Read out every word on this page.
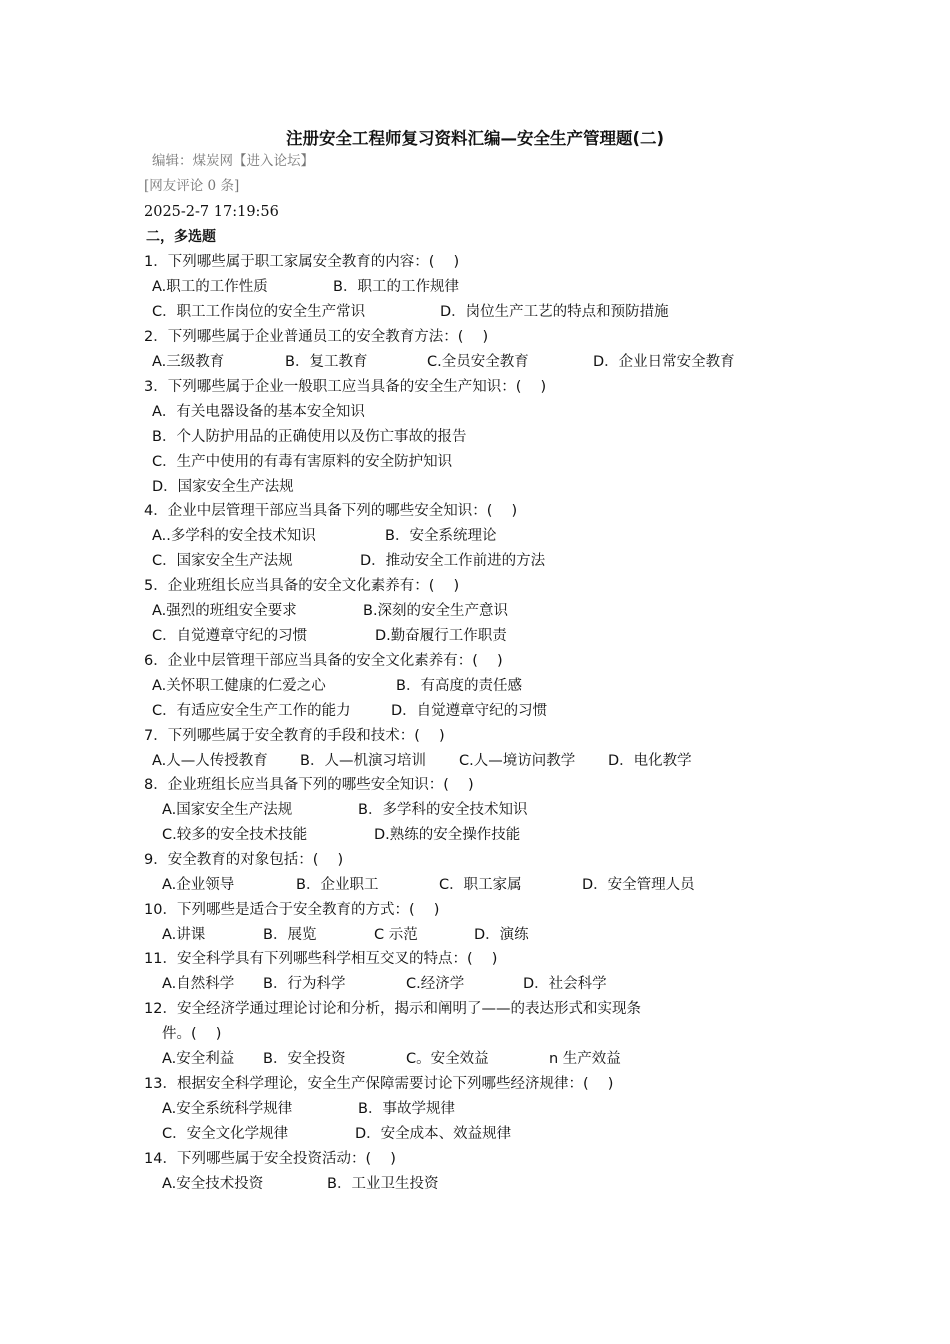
注册安全工程师复习资料汇编—安全生产管理题(二)
编辑：煤炭网【进入论坛】
[网友评论 0 条]
2025-2-7 17:19:56
二，多选题
1．下列哪些属于职工家属安全教育的内容：(　 )
A.职工的工作性质	B．职工的工作规律
C．职工工作岗位的安全生产常识	D．岗位生产工艺的特点和预防措施
2．下列哪些属于企业普通员工的安全教育方法：(　 )
A.三级教育	B．复工教育	C.全员安全教育	D．企业日常安全教育
3．下列哪些属于企业一般职工应当具备的安全生产知识：(　 )
A．有关电器设备的基本安全知识
B．个人防护用品的正确使用以及伤亡事故的报告
C．生产中使用的有毒有害原料的安全防护知识
D．国家安全生产法规
4．企业中层管理干部应当具备下列的哪些安全知识：(　 )
A..多学科的安全技术知识	B．安全系统理论
C．国家安全生产法规	D．推动安全工作前进的方法
5．企业班组长应当具备的安全文化素养有：(　 )
A.强烈的班组安全要求	B.深刻的安全生产意识
C．自觉遵章守纪的习惯	D.勤奋履行工作职责
6．企业中层管理干部应当具备的安全文化素养有：(　 )
A.关怀职工健康的仁爱之心	B．有高度的责任感
C．有适应安全生产工作的能力	D．自觉遵章守纪的习惯
7．下列哪些属于安全教育的手段和技术：(　 )
A.人—人传授教育 B．人—机演习培训 C.人—境访问教学 D．电化教学
8．企业班组长应当具备下列的哪些安全知识：(　 )
A.国家安全生产法规	B．多学科的安全技术知识
C.较多的安全技术技能	D.熟练的安全操作技能
9．安全教育的对象包括：(　 )
A.企业领导	B．企业职工	C．职工家属	D．安全管理人员
10．下列哪些是适合于安全教育的方式：(　 )
A.讲课	B．展览	C 示范	D．演练
11．安全科学具有下列哪些科学相互交叉的特点：(　 )
A.自然科学 B．行为科学	C.经济学	D．社会科学
12．安全经济学通过理论讨论和分析，揭示和阐明了——的表达形式和实现条
件。(　 )
A.安全利益 B．安全投资	C。安全效益	n 生产效益
13．根据安全科学理论，安全生产保障需要讨论下列哪些经济规律：(　 )
A.安全系统科学规律	B．事故学规律
C．安全文化学规律	D．安全成本、效益规律
14．下列哪些属于安全投资活动：(　 )
A.安全技术投资	B．工业卫生投资
